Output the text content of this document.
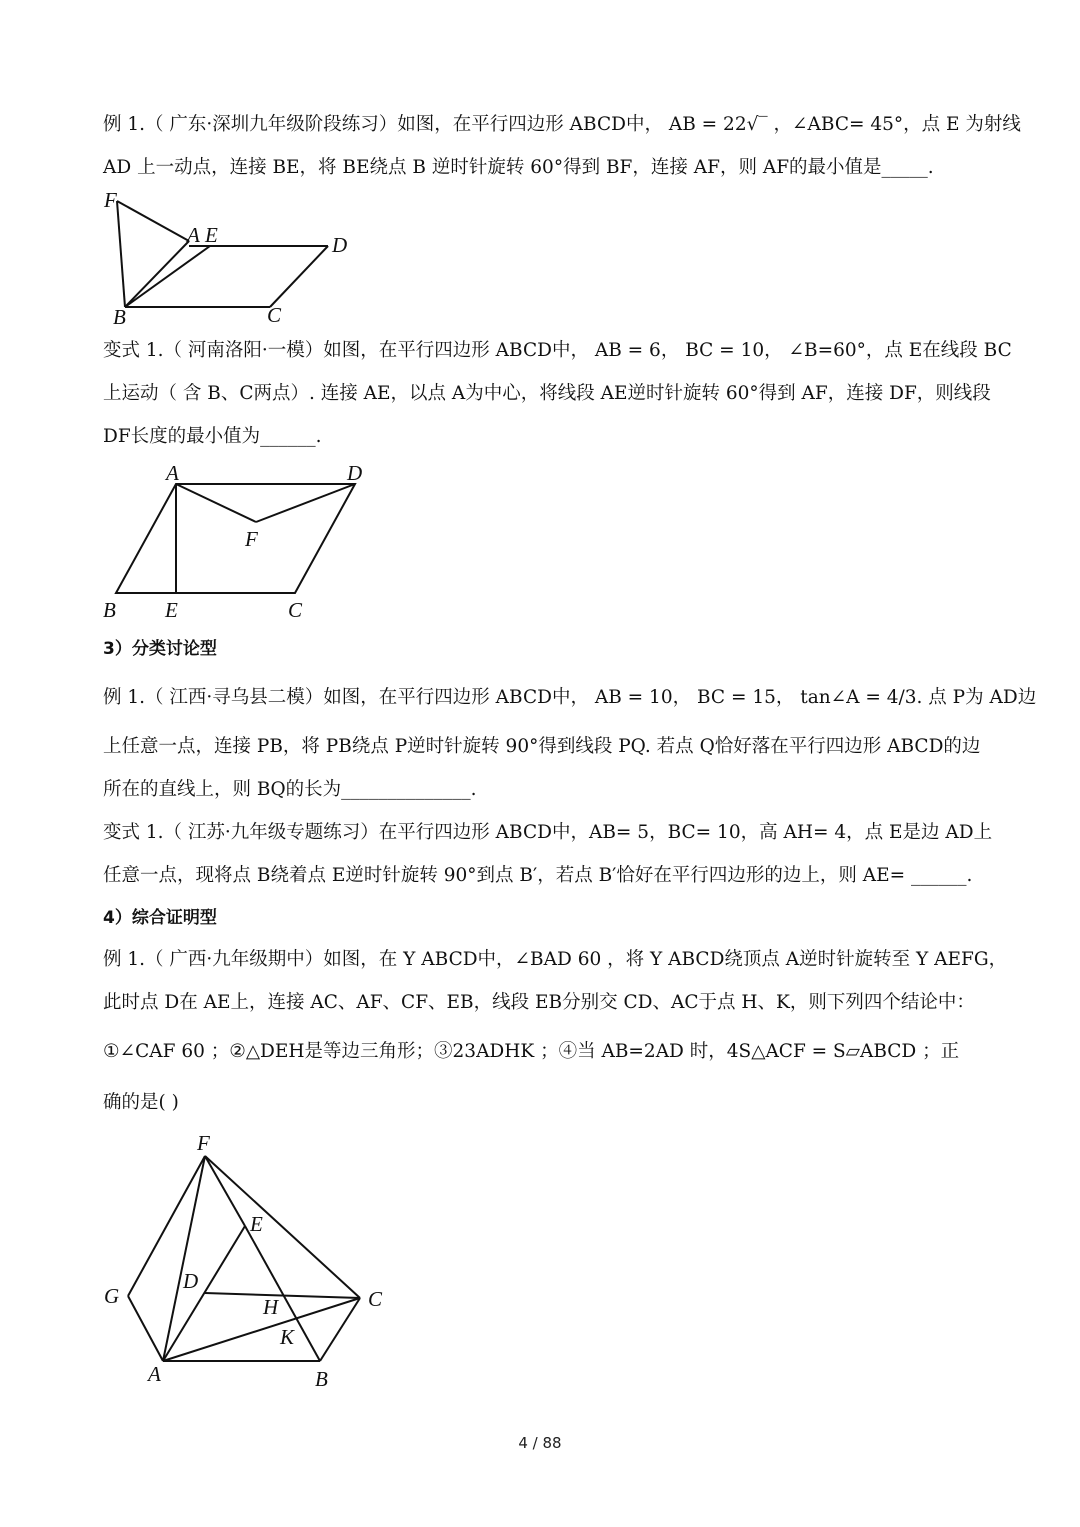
例 1.（ 广东·深圳九年级阶段练习）如图，在平行四边形 ABCD中， AB = 22√‾ ，∠ABC= 45°，点 E 为射线
AD 上一动点，连接 BE，将 BE绕点 B 逆时针旋转 60°得到 BF，连接 AF，则 AF的最小值是_____.
F
A E	D
B	C
变式 1.（ 河南洛阳·一模）如图，在平行四边形 ABCD中， AB = 6， BC = 10， ∠B=60°，点 E在线段 BC
上运动（ 含 B、C两点）. 连接 AE，以点 A为中心，将线段 AE逆时针旋转 60°得到 AF，连接 DF，则线段
DF长度的最小值为______.
A	D
F
B E	C
3）分类讨论型
例 1.（ 江西·寻乌县二模）如图，在平行四边形 ABCD中， AB = 10， BC = 15， tan∠A = 4/3. 点 P为 AD边
上任意一点，连接 PB，将 PB绕点 P逆时针旋转 90°得到线段 PQ. 若点 Q恰好落在平行四边形 ABCD的边
所在的直线上，则 BQ的长为______________.
变式 1.（ 江苏·九年级专题练习）在平行四边形 ABCD中，AB= 5，BC= 10，高 AH= 4，点 E是边 AD上
任意一点，现将点 B绕着点 E逆时针旋转 90°到点 B′，若点 B′恰好在平行四边形的边上，则 AE= ______.
4）综合证明型
例 1.（ 广西·九年级期中）如图，在 Y ABCD中，∠BAD 60 ，将 Y ABCD绕顶点 A逆时针旋转至 Y AEFG，
此时点 D在 AE上，连接 AC、AF、CF、EB，线段 EB分别交 CD、AC于点 H、K，则下列四个结论中：
①∠CAF 60 ；②△DEH是等边三角形；③23ADHK ；④当 AB=2AD 时，4S△ACF = S▱ABCD ；正
确的是( )
F
E
G
D
H	C
K
A	B
4 / 88
